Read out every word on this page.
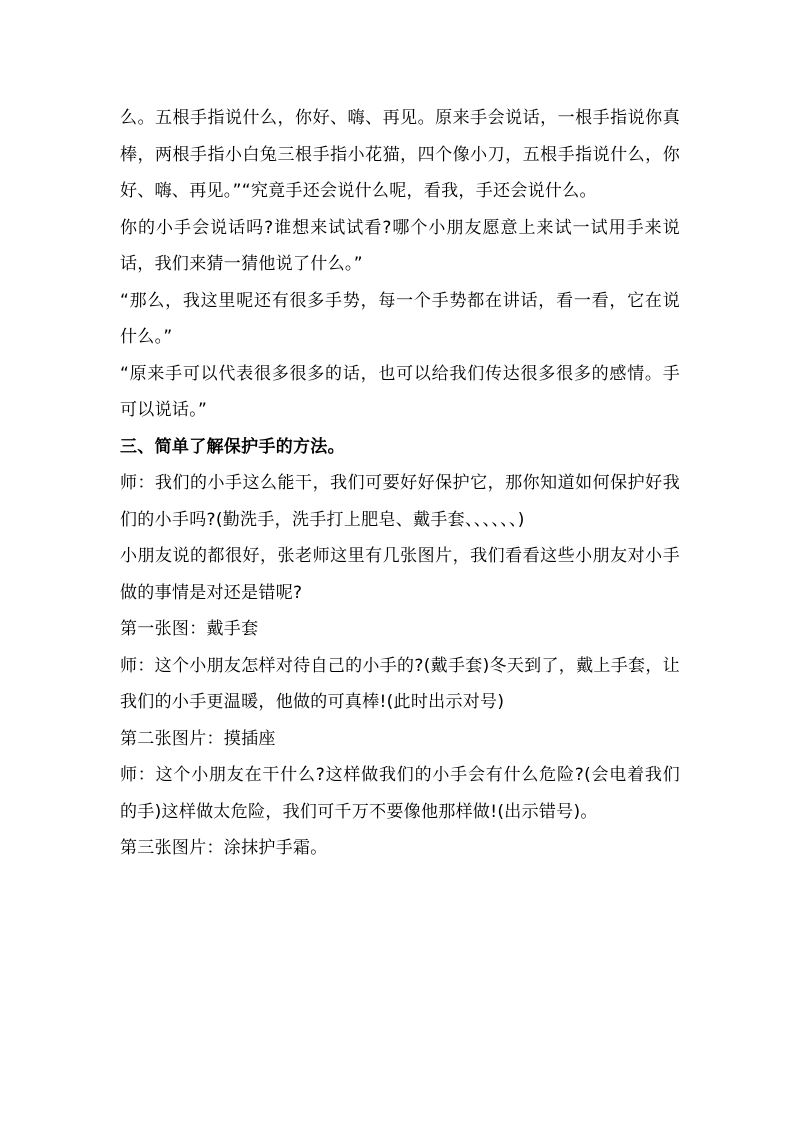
么。五根手指说什么，你好、嗨、再见。原来手会说话，一根手指说你真棒，两根手指小白兔三根手指小花猫，四个像小刀，五根手指说什么，你好、嗨、再见。”“究竟手还会说什么呢，看我，手还会说什么。

你的小手会说话吗?谁想来试试看?哪个小朋友愿意上来试一试用手来说话，我们来猜一猜他说了什么。”

“那么，我这里呢还有很多手势，每一个手势都在讲话，看一看，它在说什么。”

“原来手可以代表很多很多的话，也可以给我们传达很多很多的感情。手可以说话。”

三、简单了解保护手的方法。

师：我们的小手这么能干，我们可要好好保护它，那你知道如何保护好我们的小手吗?(勤洗手，洗手打上肥皂、戴手套、、、、、、)

小朋友说的都很好，张老师这里有几张图片，我们看看这些小朋友对小手做的事情是对还是错呢?

第一张图：戴手套

师：这个小朋友怎样对待自己的小手的?(戴手套)冬天到了，戴上手套，让我们的小手更温暖，他做的可真棒!(此时出示对号)

第二张图片：摸插座

师：这个小朋友在干什么?这样做我们的小手会有什么危险?(会电着我们的手)这样做太危险，我们可千万不要像他那样做!(出示错号)。

第三张图片：涂抹护手霜。
